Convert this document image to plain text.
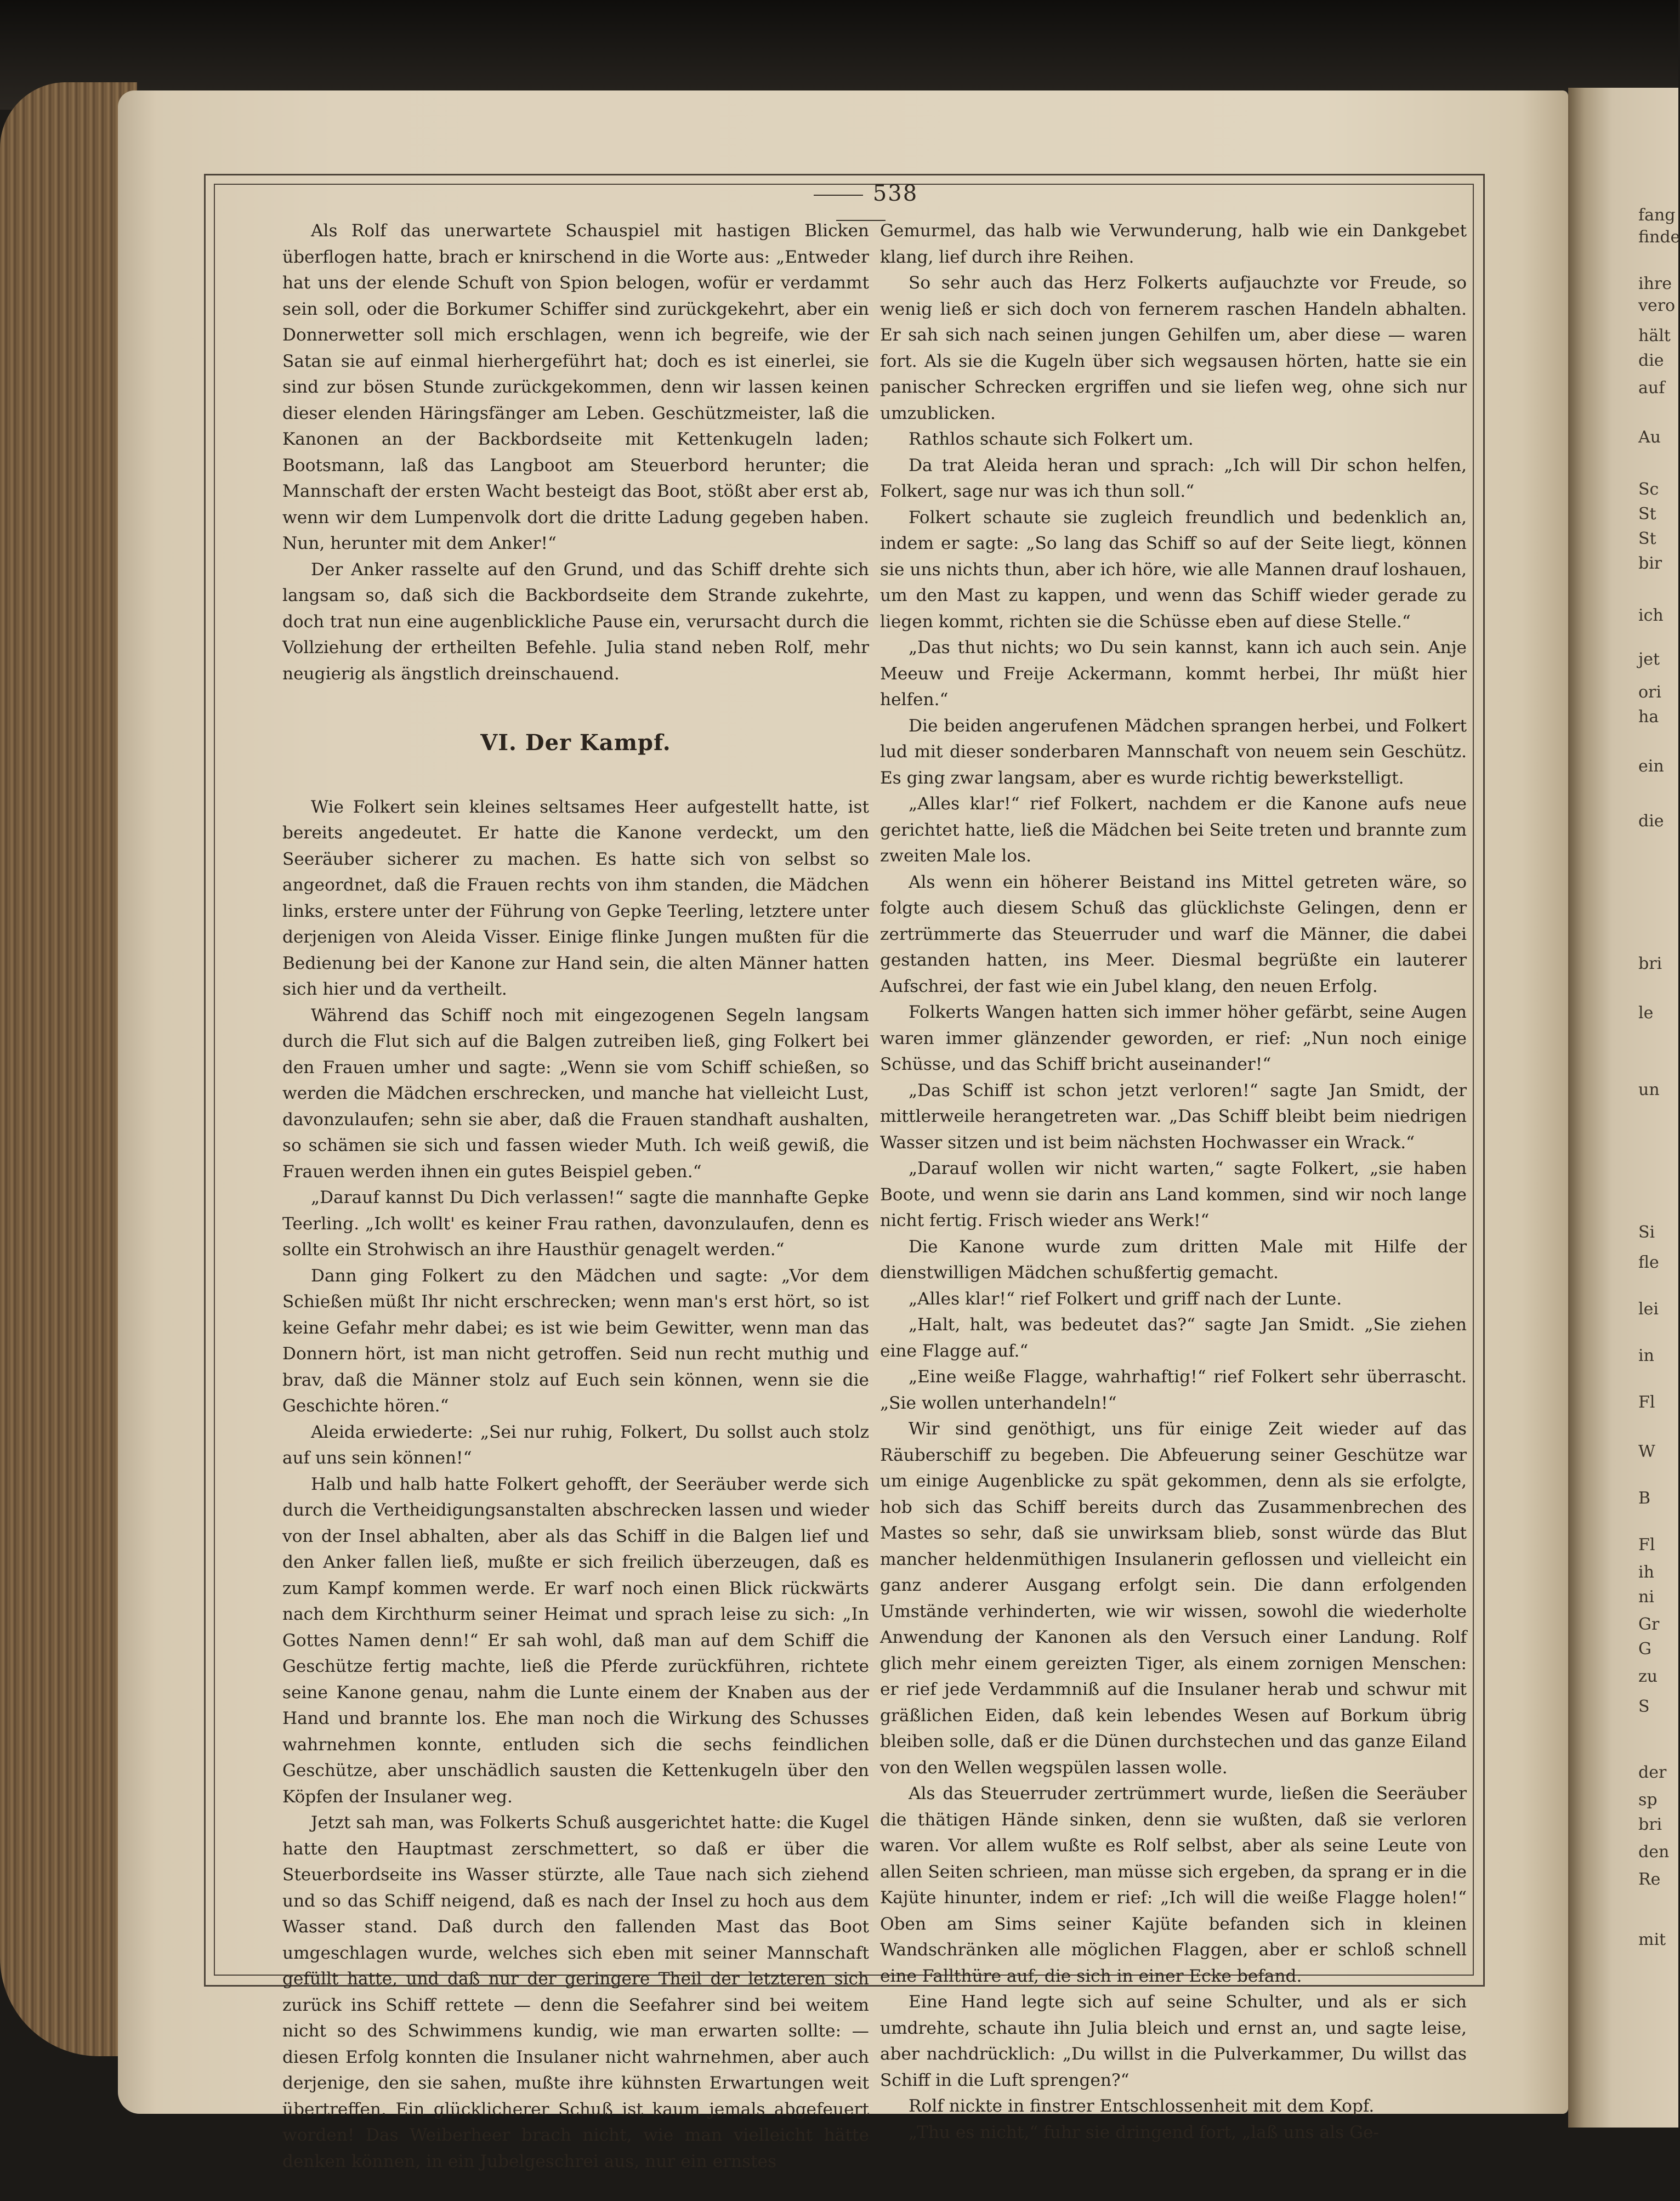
fang
finde
ihre
vero
hält
die
auf
Au
Sc
St
St
bir
ich
jet
ori
ha
ein
die
bri
le
un
Si
fle
lei
in
Fl
W
B
Fl
ih
ni
Gr
G
zu
S
der
sp
bri
den
Re
mit
538

Als Rolf das unerwartete Schauspiel mit hastigen Blicken überflogen hatte, brach er knirschend in die Worte aus: „Entweder hat uns der elende Schuft von Spion belogen, wofür er verdammt sein soll, oder die Borkumer Schiffer sind zurückgekehrt, aber ein Donnerwetter soll mich erschlagen, wenn ich begreife, wie der Satan sie auf einmal hierhergeführt hat; doch es ist einerlei, sie sind zur bösen Stunde zurückgekommen, denn wir lassen keinen dieser elenden Häringsfänger am Leben. Geschützmeister, laß die Kanonen an der Backbordseite mit Kettenkugeln laden; Bootsmann, laß das Langboot am Steuerbord herunter; die Mannschaft der ersten Wacht besteigt das Boot, stößt aber erst ab, wenn wir dem Lumpenvolk dort die dritte Ladung gegeben haben. Nun, herunter mit dem Anker!“

Der Anker rasselte auf den Grund, und das Schiff drehte sich langsam so, daß sich die Backbordseite dem Strande zukehrte, doch trat nun eine augenblickliche Pause ein, verursacht durch die Vollziehung der ertheilten Befehle. Julia stand neben Rolf, mehr neugierig als ängstlich dreinschauend.

VI. Der Kampf.

Wie Folkert sein kleines seltsames Heer aufgestellt hatte, ist bereits angedeutet. Er hatte die Kanone verdeckt, um den Seeräuber sicherer zu machen. Es hatte sich von selbst so angeordnet, daß die Frauen rechts von ihm standen, die Mädchen links, erstere unter der Führung von Gepke Teerling, letztere unter derjenigen von Aleida Visser. Einige flinke Jungen mußten für die Bedienung bei der Kanone zur Hand sein, die alten Männer hatten sich hier und da vertheilt.

Während das Schiff noch mit eingezogenen Segeln langsam durch die Flut sich auf die Balgen zutreiben ließ, ging Folkert bei den Frauen umher und sagte: „Wenn sie vom Schiff schießen, so werden die Mädchen erschrecken, und manche hat vielleicht Lust, davonzulaufen; sehn sie aber, daß die Frauen standhaft aushalten, so schämen sie sich und fassen wieder Muth. Ich weiß gewiß, die Frauen werden ihnen ein gutes Beispiel geben.“

„Darauf kannst Du Dich verlassen!“ sagte die mannhafte Gepke Teerling. „Ich wollt' es keiner Frau rathen, davonzulaufen, denn es sollte ein Strohwisch an ihre Hausthür genagelt werden.“

Dann ging Folkert zu den Mädchen und sagte: „Vor dem Schießen müßt Ihr nicht erschrecken; wenn man's erst hört, so ist keine Gefahr mehr dabei; es ist wie beim Gewitter, wenn man das Donnern hört, ist man nicht getroffen. Seid nun recht muthig und brav, daß die Männer stolz auf Euch sein können, wenn sie die Geschichte hören.“

Aleida erwiederte: „Sei nur ruhig, Folkert, Du sollst auch stolz auf uns sein können!“

Halb und halb hatte Folkert gehofft, der Seeräuber werde sich durch die Vertheidigungsanstalten abschrecken lassen und wieder von der Insel abhalten, aber als das Schiff in die Balgen lief und den Anker fallen ließ, mußte er sich freilich überzeugen, daß es zum Kampf kommen werde. Er warf noch einen Blick rückwärts nach dem Kirchthurm seiner Heimat und sprach leise zu sich: „In Gottes Namen denn!“ Er sah wohl, daß man auf dem Schiff die Geschütze fertig machte, ließ die Pferde zurückführen, richtete seine Kanone genau, nahm die Lunte einem der Knaben aus der Hand und brannte los. Ehe man noch die Wirkung des Schusses wahrnehmen konnte, entluden sich die sechs feindlichen Geschütze, aber unschädlich sausten die Kettenkugeln über den Köpfen der Insulaner weg.

Jetzt sah man, was Folkerts Schuß ausgerichtet hatte: die Kugel hatte den Hauptmast zerschmettert, so daß er über die Steuerbordseite ins Wasser stürzte, alle Taue nach sich ziehend und so das Schiff neigend, daß es nach der Insel zu hoch aus dem Wasser stand. Daß durch den fallenden Mast das Boot umgeschlagen wurde, welches sich eben mit seiner Mannschaft gefüllt hatte, und daß nur der geringere Theil der letzteren sich zurück ins Schiff rettete — denn die Seefahrer sind bei weitem nicht so des Schwimmens kundig, wie man erwarten sollte: — diesen Erfolg konnten die Insulaner nicht wahrnehmen, aber auch derjenige, den sie sahen, mußte ihre kühnsten Erwartungen weit übertreffen. Ein glücklicherer Schuß ist kaum jemals abgefeuert worden! Das Weiberheer brach nicht, wie man vielleicht hätte denken können, in ein Jubelgeschrei aus, nur ein ernstes

Gemurmel, das halb wie Verwunderung, halb wie ein Dankgebet klang, lief durch ihre Reihen.

So sehr auch das Herz Folkerts aufjauchzte vor Freude, so wenig ließ er sich doch von fernerem raschen Handeln abhalten. Er sah sich nach seinen jungen Gehilfen um, aber diese — waren fort. Als sie die Kugeln über sich wegsausen hörten, hatte sie ein panischer Schrecken ergriffen und sie liefen weg, ohne sich nur umzublicken.

Rathlos schaute sich Folkert um.

Da trat Aleida heran und sprach: „Ich will Dir schon helfen, Folkert, sage nur was ich thun soll.“

Folkert schaute sie zugleich freundlich und bedenklich an, indem er sagte: „So lang das Schiff so auf der Seite liegt, können sie uns nichts thun, aber ich höre, wie alle Mannen drauf loshauen, um den Mast zu kappen, und wenn das Schiff wieder gerade zu liegen kommt, richten sie die Schüsse eben auf diese Stelle.“

„Das thut nichts; wo Du sein kannst, kann ich auch sein. Anje Meeuw und Freije Ackermann, kommt herbei, Ihr müßt hier helfen.“

Die beiden angerufenen Mädchen sprangen herbei, und Folkert lud mit dieser sonderbaren Mannschaft von neuem sein Geschütz. Es ging zwar langsam, aber es wurde richtig bewerkstelligt.

„Alles klar!“ rief Folkert, nachdem er die Kanone aufs neue gerichtet hatte, ließ die Mädchen bei Seite treten und brannte zum zweiten Male los.

Als wenn ein höherer Beistand ins Mittel getreten wäre, so folgte auch diesem Schuß das glücklichste Gelingen, denn er zertrümmerte das Steuerruder und warf die Männer, die dabei gestanden hatten, ins Meer. Diesmal begrüßte ein lauterer Aufschrei, der fast wie ein Jubel klang, den neuen Erfolg.

Folkerts Wangen hatten sich immer höher gefärbt, seine Augen waren immer glänzender geworden, er rief: „Nun noch einige Schüsse, und das Schiff bricht auseinander!“

„Das Schiff ist schon jetzt verloren!“ sagte Jan Smidt, der mittlerweile herangetreten war. „Das Schiff bleibt beim niedrigen Wasser sitzen und ist beim nächsten Hochwasser ein Wrack.“

„Darauf wollen wir nicht warten,“ sagte Folkert, „sie haben Boote, und wenn sie darin ans Land kommen, sind wir noch lange nicht fertig. Frisch wieder ans Werk!“

Die Kanone wurde zum dritten Male mit Hilfe der dienstwilligen Mädchen schußfertig gemacht.

„Alles klar!“ rief Folkert und griff nach der Lunte.

„Halt, halt, was bedeutet das?“ sagte Jan Smidt. „Sie ziehen eine Flagge auf.“

„Eine weiße Flagge, wahrhaftig!“ rief Folkert sehr überrascht. „Sie wollen unterhandeln!“

Wir sind genöthigt, uns für einige Zeit wieder auf das Räuberschiff zu begeben. Die Abfeuerung seiner Geschütze war um einige Augenblicke zu spät gekommen, denn als sie erfolgte, hob sich das Schiff bereits durch das Zusammenbrechen des Mastes so sehr, daß sie unwirksam blieb, sonst würde das Blut mancher heldenmüthigen Insulanerin geflossen und vielleicht ein ganz anderer Ausgang erfolgt sein. Die dann erfolgenden Umstände verhinderten, wie wir wissen, sowohl die wiederholte Anwendung der Kanonen als den Versuch einer Landung. Rolf glich mehr einem gereizten Tiger, als einem zornigen Menschen: er rief jede Verdammniß auf die Insulaner herab und schwur mit gräßlichen Eiden, daß kein lebendes Wesen auf Borkum übrig bleiben solle, daß er die Dünen durchstechen und das ganze Eiland von den Wellen wegspülen lassen wolle.

Als das Steuerruder zertrümmert wurde, ließen die Seeräuber die thätigen Hände sinken, denn sie wußten, daß sie verloren waren. Vor allem wußte es Rolf selbst, aber als seine Leute von allen Seiten schrieen, man müsse sich ergeben, da sprang er in die Kajüte hinunter, indem er rief: „Ich will die weiße Flagge holen!“ Oben am Sims seiner Kajüte befanden sich in kleinen Wandschränken alle möglichen Flaggen, aber er schloß schnell eine Fallthüre auf, die sich in einer Ecke befand.

Eine Hand legte sich auf seine Schulter, und als er sich umdrehte, schaute ihn Julia bleich und ernst an, und sagte leise, aber nachdrücklich: „Du willst in die Pulverkammer, Du willst das Schiff in die Luft sprengen?“

Rolf nickte in finstrer Entschlossenheit mit dem Kopf.

„Thu es nicht,“ fuhr sie dringend fort, „laß uns als Ge-
